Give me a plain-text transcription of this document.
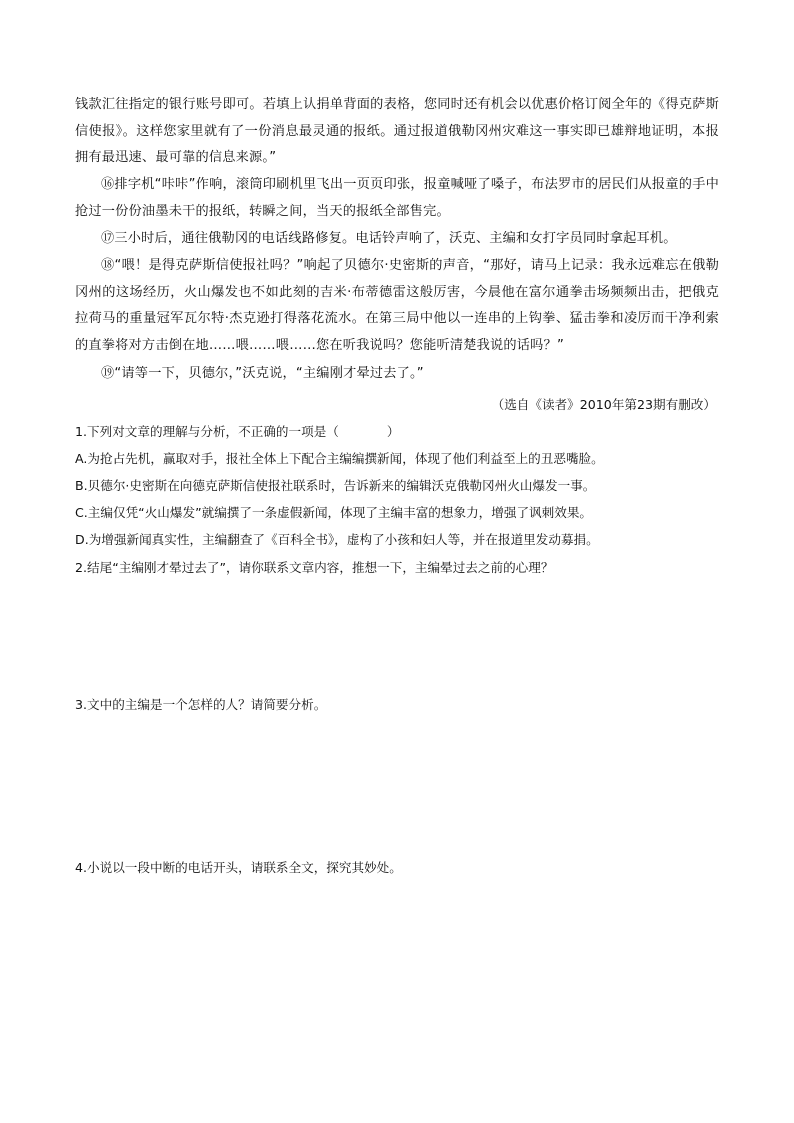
钱款汇往指定的银行账号即可。若填上认捐单背面的表格，您同时还有机会以优惠价格订阅全年的《得克萨斯信使报》。这样您家里就有了一份消息最灵通的报纸。通过报道俄勒冈州灾难这一事实即已雄辩地证明，本报拥有最迅速、最可靠的信息来源。”
⑯排字机“咔咔”作响，滚筒印刷机里飞出一页页印张，报童喊哑了嗓子，布法罗市的居民们从报童的手中抢过一份份油墨未干的报纸，转瞬之间，当天的报纸全部售完。
⑰三小时后，通往俄勒冈的电话线路修复。电话铃声响了，沃克、主编和女打字员同时拿起耳机。
⑱“喂！是得克萨斯信使报社吗？”响起了贝德尔·史密斯的声音，“那好，请马上记录：我永远难忘在俄勒冈州的这场经历，火山爆发也不如此刻的吉米·布蒂德雷这般厉害，今晨他在富尔通拳击场频频出击，把俄克拉荷马的重量冠军瓦尔特·杰克逊打得落花流水。在第三局中他以一连串的上钩拳、猛击拳和凌厉而干净利索的直拳将对方击倒在地……喂……喂……您在听我说吗？您能听清楚我说的话吗？”
⑲“请等一下，贝德尔，”沃克说，“主编刚才晕过去了。”
（选自《读者》2010年第23期有删改）
1.下列对文章的理解与分析，不正确的一项是（	）
A.为抢占先机，赢取对手，报社全体上下配合主编编撰新闻，体现了他们利益至上的丑恶嘴脸。
B.贝德尔·史密斯在向德克萨斯信使报社联系时，告诉新来的编辑沃克俄勒冈州火山爆发一事。
C.主编仅凭“火山爆发”就编撰了一条虚假新闻，体现了主编丰富的想象力，增强了讽刺效果。
D.为增强新闻真实性，主编翻查了《百科全书》，虚构了小孩和妇人等，并在报道里发动募捐。
2.结尾“主编刚才晕过去了”，请你联系文章内容，推想一下，主编晕过去之前的心理？
3.文中的主编是一个怎样的人？请简要分析。
4.小说以一段中断的电话开头，请联系全文，探究其妙处。
